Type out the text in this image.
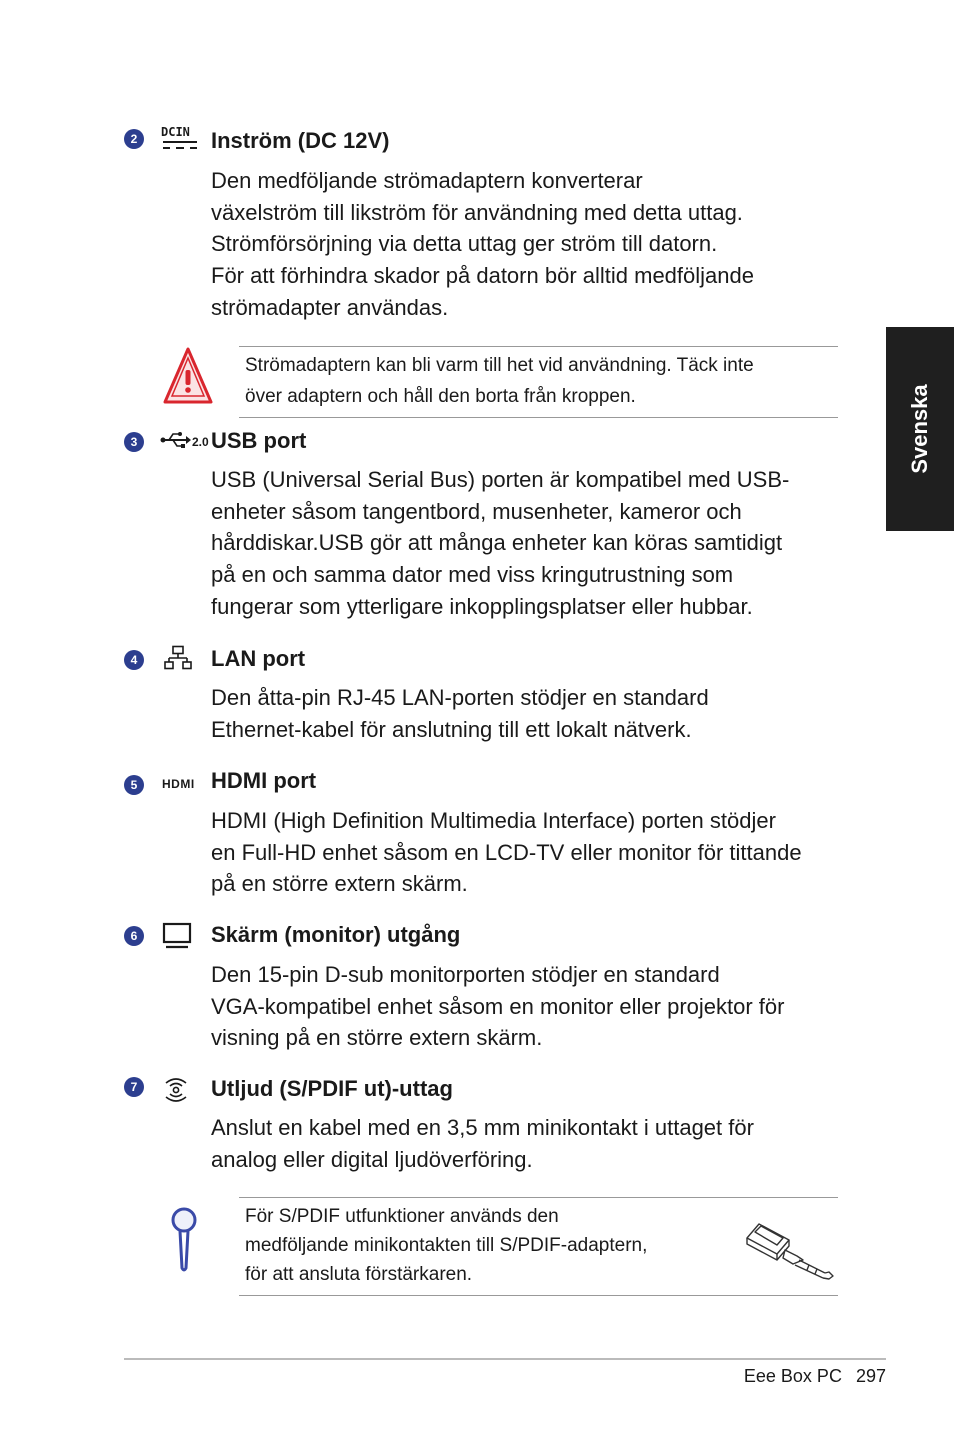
Svenska
2	DCIN Inström (DC 12V)
Den medföljande strömadaptern konverterar
växelström till likström för användning med detta uttag.
Strömförsörjning via detta uttag ger ström till datorn.
För att förhindra skador på datorn bör alltid medföljande
strömadapter användas.
Strömadaptern kan bli varm till het vid användning. Täck inte
över adaptern och håll den borta från kroppen.
3	2.0 USB port
USB (Universal Serial Bus) porten är kompatibel med USB-
enheter såsom tangentbord, musenheter, kameror och
hårddiskar.USB gör att många enheter kan köras samtidigt
på en och samma dator med viss kringutrustning som
fungerar som ytterligare inkopplingsplatser eller hubbar.
4	LAN port
Den åtta-pin RJ-45 LAN-porten stödjer en standard
Ethernet-kabel för anslutning till ett lokalt nätverk.
5	HDMI HDMI port
HDMI (High Definition Multimedia Interface) porten stödjer
en Full-HD enhet såsom en LCD-TV eller monitor för tittande
på en större extern skärm.
6	Skärm (monitor) utgång
Den 15-pin D-sub monitorporten stödjer en standard
VGA-kompatibel enhet såsom en monitor eller projektor för
visning på en större extern skärm.
7	Utljud (S/PDIF ut)-uttag
Anslut en kabel med en 3,5 mm minikontakt i uttaget för
analog eller digital ljudöverföring.
För S/PDIF utfunktioner används den
medföljande minikontakten till S/PDIF-adaptern,
för att ansluta förstärkaren.
Eee Box PC 297
